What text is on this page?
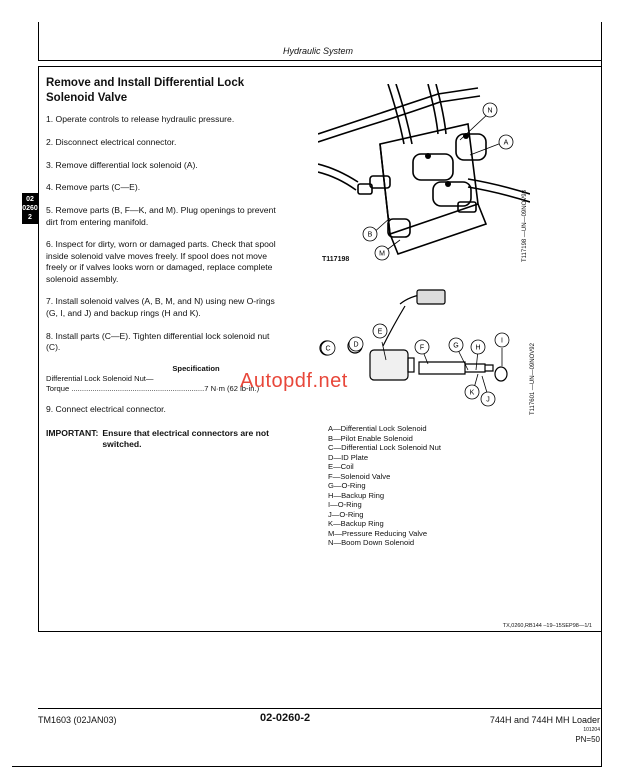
Hydraulic System
02
0260
2
Remove and Install Differential Lock Solenoid Valve
1. Operate controls to release hydraulic pressure.
2. Disconnect electrical connector.
3. Remove differential lock solenoid (A).
4. Remove parts (C—E).
5. Remove parts (B, F—K, and M). Plug openings to prevent dirt from entering manifold.
6. Inspect for dirty, worn or damaged parts. Check that spool inside solenoid valve moves freely. If spool does not move freely or if valves looks worn or damaged, replace complete solenoid assembly.
7. Install solenoid valves (A, B, M, and N) using new O-rings (G, I, and J) and backup rings (H and K).
8. Install parts (C—E). Tighten differential lock solenoid nut (C).
Specification
Differential Lock Solenoid Nut—
Torque ...............................................................7 N·m (62 lb-in.)
9. Connect electrical connector.
IMPORTANT:	Ensure that electrical connectors are not switched.
T117198	T117198 —UN—09NOV98
N
A
B
M
C
D
E
F	G H
I
K
J	T117601 —UN—09NOV92
A—Differential Lock Solenoid
B—Pilot Enable Solenoid
C—Differential Lock Solenoid Nut
D—ID Plate
E—Coil
F—Solenoid Valve
G—O-Ring
H—Backup Ring
I—O-Ring
J—O-Ring
K—Backup Ring
M—Pressure Reducing Valve
N—Boom Down Solenoid
TX,0260,RB144 –19–15SEP98—1/1
Autopdf.net
TM1603 (02JAN03)	02-0260-2	744H and 744H MH Loader
101204
PN=50
